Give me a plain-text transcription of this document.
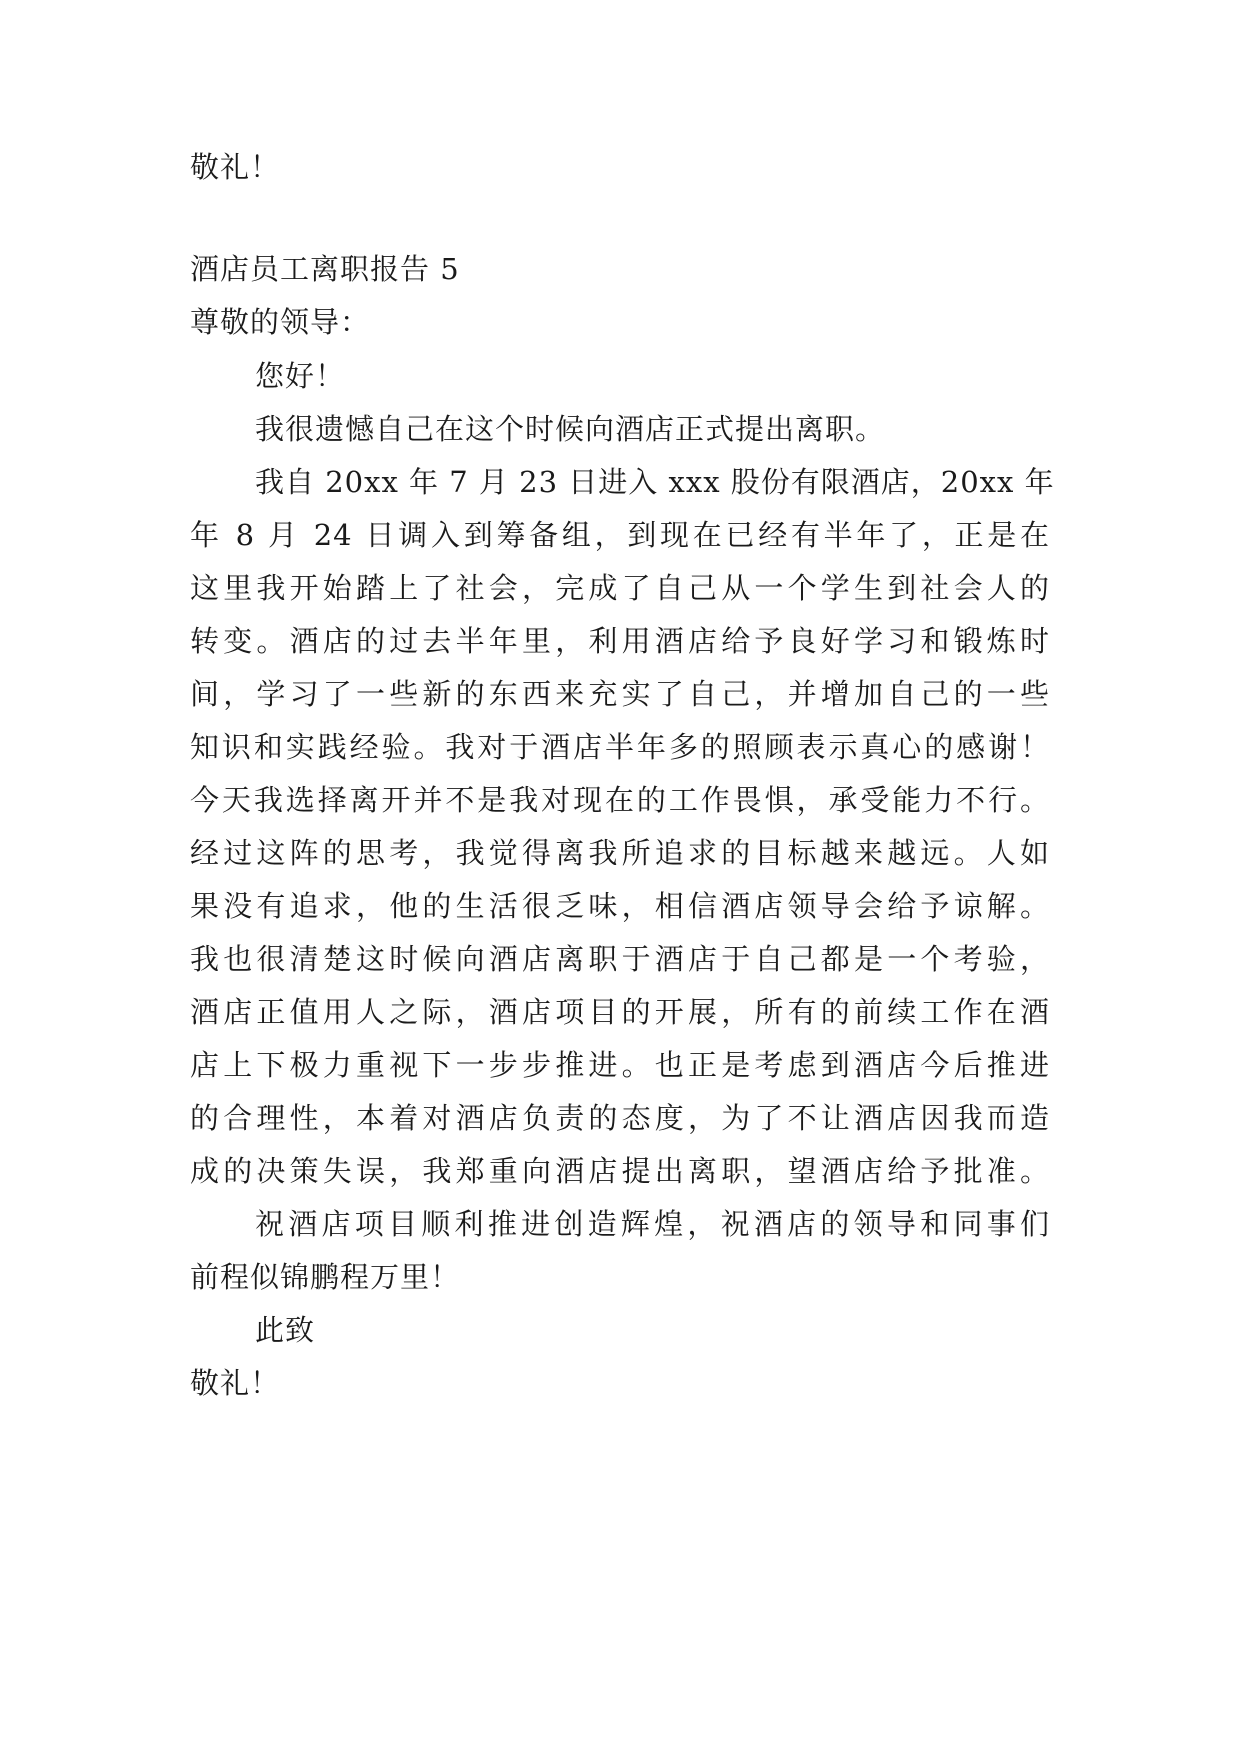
敬礼！
酒店员工离职报告 5
尊敬的领导：
您好！
我很遗憾自己在这个时候向酒店正式提出离职。
我自 20xx 年 7 月 23 日进入 xxx 股份有限酒店，20xx 年
年 8 月 24 日调入到筹备组，到现在已经有半年了，正是在
这里我开始踏上了社会，完成了自己从一个学生到社会人的
转变。酒店的过去半年里，利用酒店给予良好学习和锻炼时
间，学习了一些新的东西来充实了自己，并增加自己的一些
知识和实践经验。我对于酒店半年多的照顾表示真心的感谢！
今天我选择离开并不是我对现在的工作畏惧，承受能力不行。
经过这阵的思考，我觉得离我所追求的目标越来越远。人如
果没有追求，他的生活很乏味，相信酒店领导会给予谅解。
我也很清楚这时候向酒店离职于酒店于自己都是一个考验，
酒店正值用人之际，酒店项目的开展，所有的前续工作在酒
店上下极力重视下一步步推进。也正是考虑到酒店今后推进
的合理性，本着对酒店负责的态度，为了不让酒店因我而造
成的决策失误，我郑重向酒店提出离职，望酒店给予批准。
祝酒店项目顺利推进创造辉煌，祝酒店的领导和同事们
前程似锦鹏程万里！
此致
敬礼！
